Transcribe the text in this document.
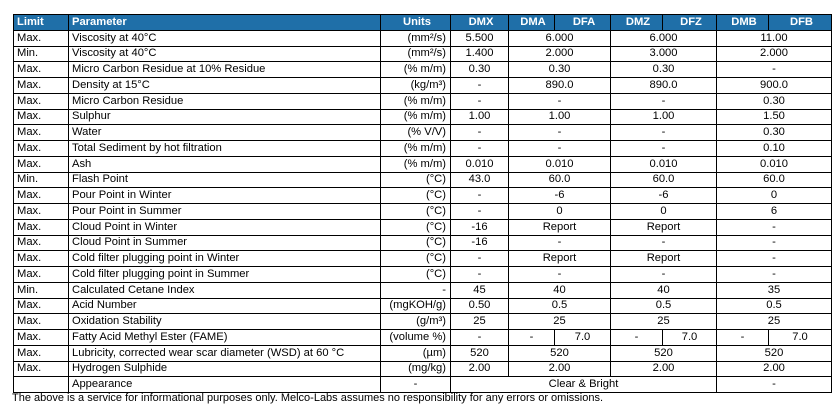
Limit	Parameter	Units	DMX	DMA	DFA	DMZ	DFZ	DMB	DFB
Max.	Viscosity at 40°C	(mm²/s)	5.500	6.000		6.000		11.00	
Min.	Viscosity at 40°C	(mm²/s)	1.400	2.000		3.000		2.000	
Max.	Micro Carbon Residue at 10% Residue	(% m/m)	0.30	0.30		0.30		-	
Max.	Density at 15°C	(kg/m³)	-	890.0		890.0		900.0	
Max.	Micro Carbon Residue	(% m/m)	-	-		-		0.30	
Max.	Sulphur	(% m/m)	1.00	1.00		1.00		1.50	
Max.	Water	(% V/V)	-	-		-		0.30	
Max.	Total Sediment by hot filtration	(% m/m)	-	-		-		0.10	
Max.	Ash	(% m/m)	0.010	0.010		0.010		0.010	
Min.	Flash Point	(°C)	43.0	60.0		60.0		60.0	
Max.	Pour Point in Winter	(°C)	-	-6		-6		0	
Max.	Pour Point in Summer	(°C)	-	0		0		6	
Max.	Cloud Point in Winter	(°C)	-16	Report		Report		-	
Max.	Cloud Point in Summer	(°C)	-16	-		-		-	
Max.	Cold filter plugging point in Winter	(°C)	-	Report		Report		-	
Max.	Cold filter plugging point in Summer	(°C)	-	-		-		-	
Min.	Calculated Cetane Index	-	45	40		40		35	
Max.	Acid Number	(mgKOH/g)	0.50	0.5		0.5		0.5	
Max.	Oxidation Stability	(g/m³)	25	25		25		25	
Max.	Fatty Acid Methyl Ester (FAME)	(volume %)	-	-	7.0	-	7.0	-	7.0
Max.	Lubricity, corrected wear scar diameter (WSD) at 60 °C	(µm)	520	520		520		520	
Max.	Hydrogen Sulphide	(mg/kg)	2.00	2.00		2.00		2.00	
	Appearance	-	Clear & Bright					-	
The above is a service for informational purposes only. Melco-Labs assumes no responsibility for any errors or omissions.
